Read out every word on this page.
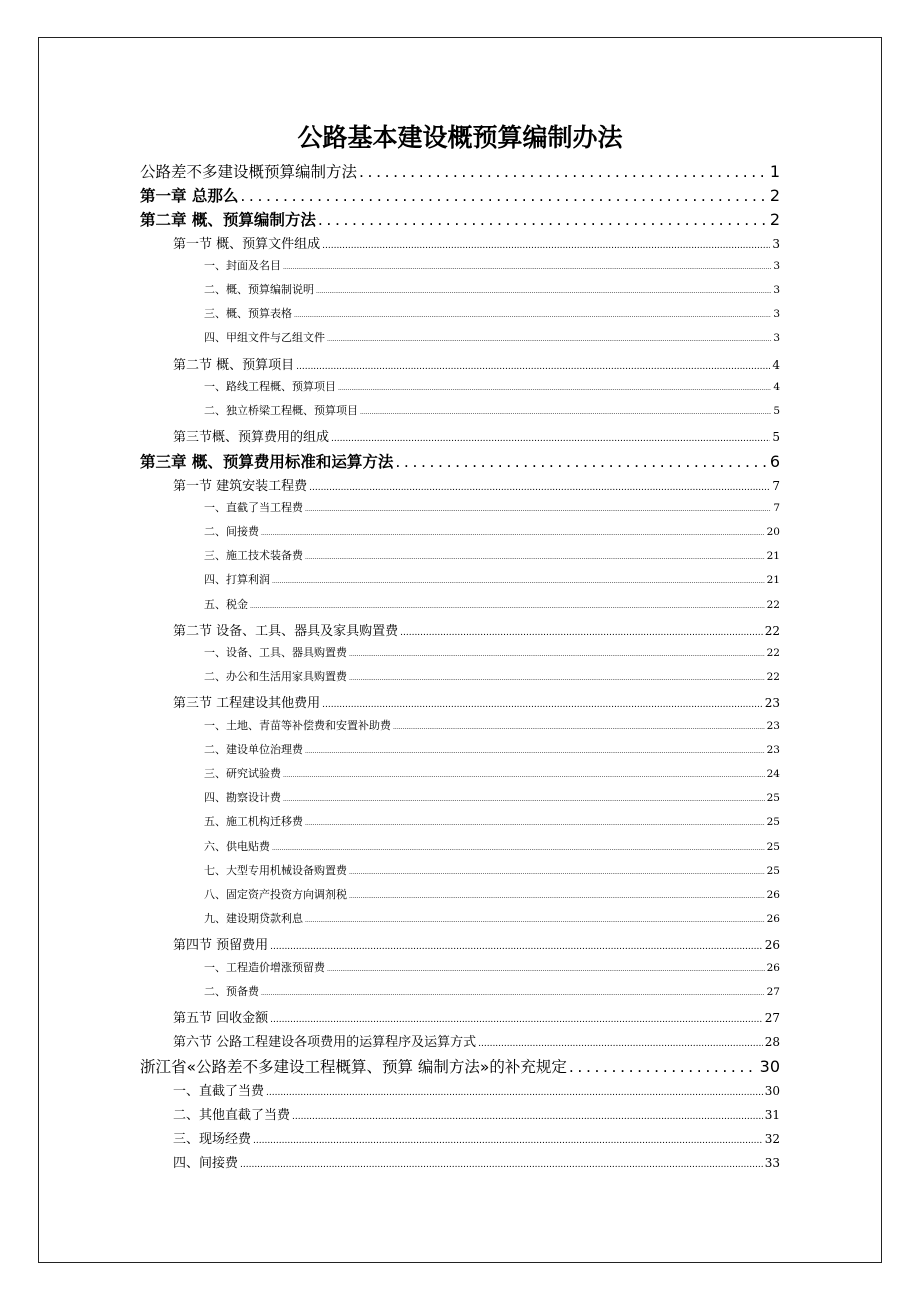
公路基本建设概预算编制办法
公路差不多建设概预算编制方法 .....	1
第一章 总那么 .....	2
第二章 概、预算编制方法 .....	2
第一节 概、预算文件组成 .....	3
一、封面及名目 .....	3
二、概、预算编制说明 .....	3
三、概、预算表格 .....	3
四、甲组文件与乙组文件 .....	3
第二节 概、预算项目 .....	4
一、路线工程概、预算项目 .....	4
二、独立桥梁工程概、预算项目 .....	5
第三节概、预算费用的组成 .....	5
第三章 概、预算费用标准和运算方法 .....	6
第一节 建筑安装工程费 .....	7
一、直截了当工程费 .....	7
二、间接费 .....	20
三、施工技术装备费 .....	21
四、打算利润 .....	21
五、税金 .....	22
第二节 设备、工具、器具及家具购置费 .....	22
一、设备、工具、器具购置费 .....	22
二、办公和生活用家具购置费 .....	22
第三节 工程建设其他费用 .....	23
一、土地、青苗等补偿费和安置补助费 .....	23
二、建设单位治理费 .....	23
三、研究试验费 .....	24
四、勘察设计费 .....	25
五、施工机构迁移费 .....	25
六、供电贴费 .....	25
七、大型专用机械设备购置费 .....	25
八、固定资产投资方向调剂税 .....	26
九、建设期贷款利息 .....	26
第四节 预留费用 .....	26
一、工程造价增涨预留费 .....	26
二、预备费 .....	27
第五节 回收金额 .....	27
第六节 公路工程建设各项费用的运算程序及运算方式 .....	28
浙江省«公路差不多建设工程概算、预算 编制方法»的补充规定 .....	30
一、直截了当费 .....	30
二、其他直截了当费 .....	31
三、现场经费 .....	32
四、间接费 .....	33
